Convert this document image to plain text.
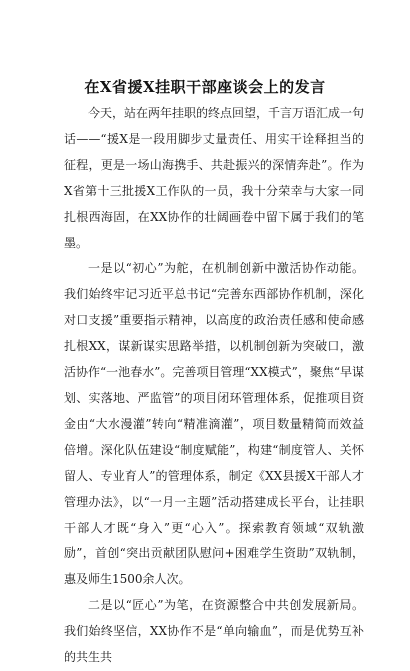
在X省援X挂职干部座谈会上的发言

今天，站在两年挂职的终点回望，千言万语汇成一句话——“援X是一段用脚步丈量责任、用实干诠释担当的征程，更是一场山海携手、共赴振兴的深情奔赴”。作为X省第十三批援X工作队的一员，我十分荣幸与大家一同扎根西海固，在XX协作的壮阔画卷中留下属于我们的笔墨。

一是以“初心”为舵，在机制创新中激活协作动能。我们始终牢记习近平总书记“完善东西部协作机制，深化对口支援”重要指示精神，以高度的政治责任感和使命感扎根XX，谋新谋实思路举措，以机制创新为突破口，激活协作“一池春水”。完善项目管理“XX模式”，聚焦“早谋划、实落地、严监管”的项目闭环管理体系，促推项目资金由“大水漫灌”转向“精准滴灌”，项目数量精简而效益倍增。深化队伍建设“制度赋能”，构建“制度管人、关怀留人、专业育人”的管理体系，制定《XX县援X干部人才管理办法》，以“一月一主题”活动搭建成长平台，让挂职干部人才既“身入”更“心入”。探索教育领域“双轨激励”，首创“突出贡献团队慰问+困难学生资助”双轨制，惠及师生1500余人次。

二是以“匠心”为笔，在资源整合中共创发展新局。我们始终坚信，XX协作不是“单向输血”，而是优势互补的共生共
